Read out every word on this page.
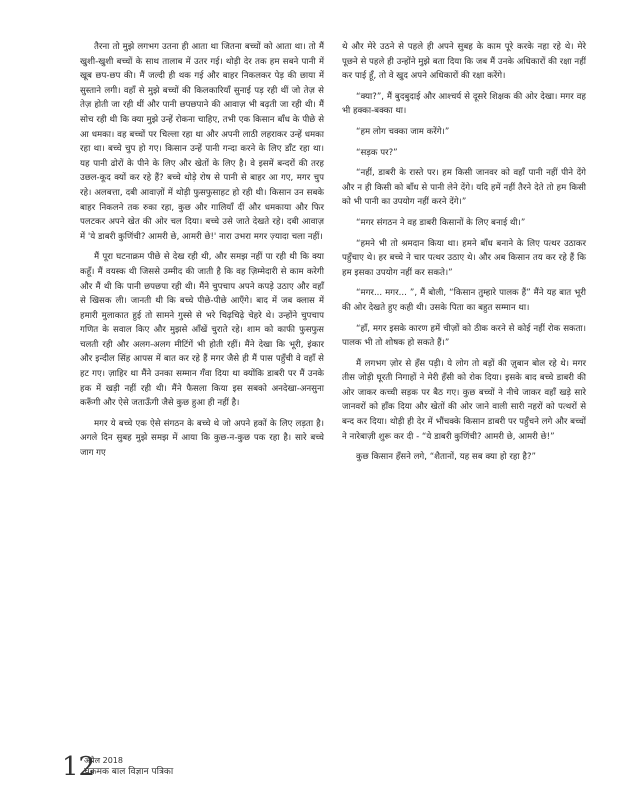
तैरना तो मुझे लगभग उतना ही आता था जितना बच्चों को आता था। तो मैं खुशी-खुशी बच्चों के साथ तालाब में उतर गई। थोड़ी देर तक हम सबने पानी में खूब छप-छप की। मैं जल्दी ही थक गई और बाहर निकलकर पेड़ की छाया में सुस्ताने लगी। वहाँ से मुझे बच्चों की किलकारियाँ सुनाई पड़ रही थीं जो तेज़ से तेज़ होती जा रही थीं और पानी छपछपाने की आवाज़ भी बढ़ती जा रही थी। मैं सोच रही थी कि क्या मुझे उन्हें रोकना चाहिए, तभी एक किसान बाँध के पीछे से आ धमका। वह बच्चों पर चिल्ला रहा था और अपनी लाठी लहराकर उन्हें धमका रहा था। बच्चे चुप हो गए। किसान उन्हें पानी गन्दा करने के लिए डाँट रहा था। यह पानी ढोरों के पीने के लिए और खेतों के लिए है। वे इसमें बन्दरों की तरह उछल-कूद क्यों कर रहे हैं? बच्चे थोड़े रोष से पानी से बाहर आ गए, मगर चुप रहे। अलबत्ता, दबी आवाज़ों में थोड़ी फुसफुसाहट हो रही थी। किसान उन सबके बाहर निकलने तक रुका रहा, कुछ और गालियाँ दीं और धमकाया और फिर पलटकर अपने खेत की ओर चल दिया। बच्चे उसे जाते देखते रहे। दबी आवाज़ में 'ये डाबरी कुणिंची? आमरी छे, आमरी छे!' नारा उभरा मगर ज़्यादा चला नहीं।

मैं पूरा घटनाक्रम पीछे से देख रही थी, और समझ नहीं पा रही थी कि क्या कहूँ। मैं वयस्क थी जिससे उम्मीद की जाती है कि वह ज़िम्मेदारी से काम करेगी और मैं थी कि पानी छपछपा रही थी। मैंने चुपचाप अपने कपड़े उठाए और वहाँ से खिसक ली। जानती थी कि बच्चे पीछे-पीछे आएँगे। बाद में जब क्लास में हमारी मुलाकात हुई तो सामने गुस्से से भरे चिढ़चिढ़े चेहरे थे। उन्होंने चुपचाप गणित के सवाल किए और मुझसे आँखें चुराते रहे। शाम को काफी फुसफुस चलती रही और अलग-अलग मीटिंगें भी होती रहीं। मैंने देखा कि भूरी, इंकार और इन्दील सिंह आपस में बात कर रहे हैं मगर जैसे ही मैं पास पहुँची वे वहाँ से हट गए। ज़ाहिर था मैंने उनका सम्मान गँवा दिया था क्योंकि डाबरी पर मैं उनके हक में खड़ी नहीं रही थी। मैंने फैसला किया इस सबको अनदेखा-अनसुना करूँगी और ऐसे जताऊँगी जैसे कुछ हुआ ही नहीं है।

मगर ये बच्चे एक ऐसे संगठन के बच्चे थे जो अपने हकों के लिए लड़ता है। अगले दिन सुबह मुझे समझ में आया कि कुछ-न-कुछ पक रहा है। सारे बच्चे जाग गए

थे और मेरे उठने से पहले ही अपने सुबह के काम पूरे करके नहा रहे थे। मेरे पूछने से पहले ही उन्होंने मुझे बता दिया कि जब मैं उनके अधिकारों की रक्षा नहीं कर पाई हूँ, तो वे खुद अपने अधिकारों की रक्षा करेंगे।

“क्या?”, मैं बुदबुदाई और आश्चर्य से दूसरे शिक्षक की ओर देखा। मगर वह भी हक्का-बक्का था।

“हम लोग चक्का जाम करेंगे।”

“सड़क पर?”

“नहीं, डाबरी के रास्ते पर। हम किसी जानवर को वहाँ पानी नहीं पीने देंगे और न ही किसी को बाँध से पानी लेने देंगे। यदि हमें नहीं तैरने देते तो हम किसी को भी पानी का उपयोग नहीं करने देंगे।”

“मगर संगठन ने वह डाबरी किसानों के लिए बनाई थी।”

“हमने भी तो श्रमदान किया था। हमने बाँध बनाने के लिए पत्थर उठाकर पहुँचाए थे। हर बच्चे ने चार पत्थर उठाए थे। और अब किसान तय कर रहे हैं कि हम इसका उपयोग नहीं कर सकते।”

“मगर... मगर... ”, मैं बोली, “किसान तुम्हारे पालक हैं” मैंने यह बात भूरी की ओर देखते हुए कही थी। उसके पिता का बहुत सम्मान था।

“हाँ, मगर इसके कारण हमें चीज़ों को ठीक करने से कोई नहीं रोक सकता। पालक भी तो शोषक हो सकते हैं।”

मैं लगभग ज़ोर से हँस पड़ी। ये लोग तो बड़ों की ज़ुबान बोल रहे थे। मगर तीस जोड़ी घूरती निगाहों ने मेरी हँसी को रोक दिया। इसके बाद बच्चे डाबरी की ओर जाकर कच्ची सड़क पर बैठ गए। कुछ बच्चों ने नीचे जाकर वहाँ खड़े सारे जानवरों को हाँक दिया और खेतों की ओर जाने वाली सारी नहरों को पत्थरों से बन्द कर दिया। थोड़ी ही देर में भौंचक्के किसान डाबरी पर पहुँचने लगे और बच्चों ने नारेबाज़ी शुरू कर दी - “ये डाबरी कुणिंची? आमरी छे, आमरी छे!”

कुछ किसान हँसने लगे, “शैतानों, यह सब क्या हो रहा है?”

12
अप्रैल 2018
चकमक बाल विज्ञान पत्रिका
